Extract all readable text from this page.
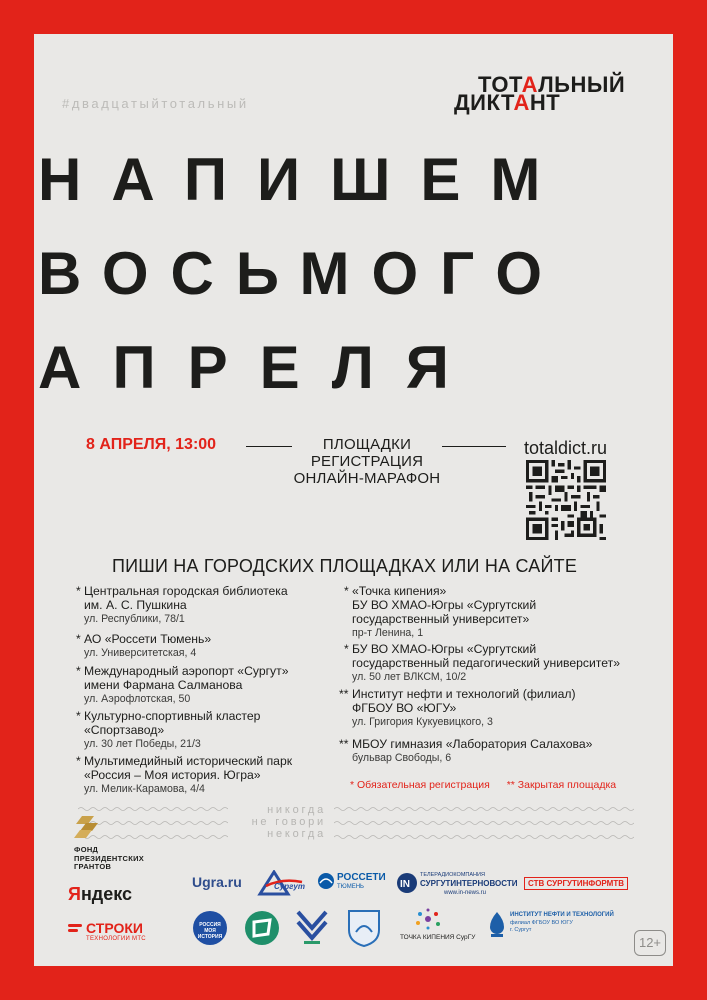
#двадцатыйтотальный
ТОТАЛЬНЫЙ
ДИКТАНТ
НАПИШЕМ
ВОСЬМОГО
АПРЕЛЯ
8 АПРЕЛЯ, 13:00	ПЛОЩАДКИ
РЕГИСТРАЦИЯ
ОНЛАЙН-МАРАФОН
totaldict.ru
ПИШИ НА ГОРОДСКИХ ПЛОЩАДКАХ ИЛИ НА САЙТЕ
* Центральная городская библиотека
им. А. С. Пушкина
ул. Республики, 78/1
* АО «Россети Тюмень»
ул. Университетская, 4
* Международный аэропорт «Сургут»
имени Фармана Салманова
ул. Аэрофлотская, 50
* Культурно-спортивный кластер
«Спортзавод»
ул. 30 лет Победы, 21/3
* Мультимедийный исторический парк
«Россия – Моя история. Югра»
ул. Мелик-Карамова, 4/4
* «Точка кипения»
БУ ВО ХМАО-Югры «Сургутский
государственный университет»
пр-т Ленина, 1
* БУ ВО ХМАО-Югры «Сургутский
государственный педагогический университет»
ул. 50 лет ВЛКСМ, 10/2
** Институт нефти и технологий (филиал)
ФГБОУ ВО «ЮГУ»
ул. Григория Кукуевицкого, 3
** МБОУ гимназия «Лаборатория Салахова»
бульвар Свободы, 6
* Обязательная регистрация ** Закрытая площадка
никогда
не говори
некогда
ФОНД
ПРЕЗИДЕНТСКИХ
ГРАНТОВ
Яндекс
СТРОКИ
ТЕХНОЛОГИИ МТС
Ugra.ru	Сургут
РОССЕТИ
ТЮМЕНЬ	IN
ТЕЛЕРАДИОКОМПАНИЯ
СУРГУТИНТЕРНОВОСТИ
www.in-news.ru
СТВ СУРГУТИНФОРМТВ
РОССИЯ МОЯ ИСТОРИЯ	ТОЧКА КИПЕНИЯ СурГУ
ИНСТИТУТ НЕФТИ И ТЕХНОЛОГИЙ
филиал ФГБОУ ВО ЮГУ
г. Сургут
12+
